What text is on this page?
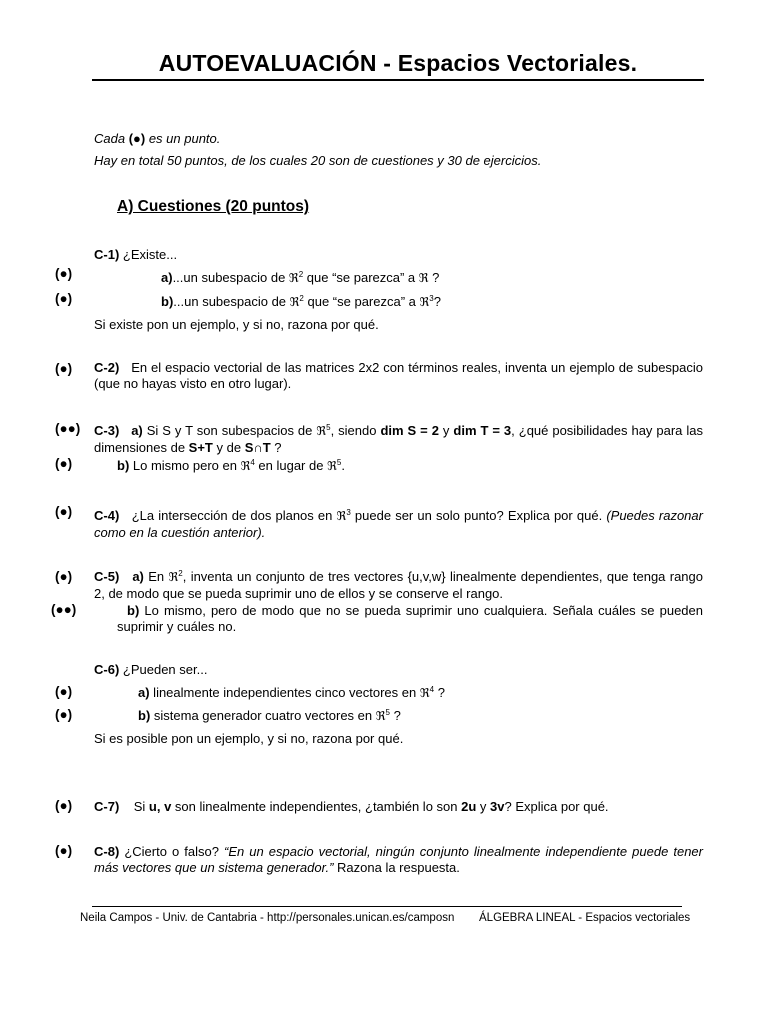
AUTOEVALUACIÓN - Espacios Vectoriales.
Cada (●) es un punto.
Hay en total 50 puntos, de los cuales 20 son de cuestiones y 30 de ejercicios.
A) Cuestiones (20 puntos)
C-1) ¿Existe...
(●)	a)...un subespacio de ℜ$^2$ que “se parezca” a ℜ ?
(●)	b)...un subespacio de ℜ$^2$ que “se parezca” a ℜ$^3$?
Si existe pon un ejemplo, y si no, razona por qué.
(●) C-2) En el espacio vectorial de las matrices 2x2 con términos reales, inventa un ejemplo de subespacio (que no hayas visto en otro lugar).
(●●) C-3) a) Si S y T son subespacios de ℜ$^5$, siendo dim S = 2 y dim T = 3, ¿qué posibilidades hay para las dimensiones de S+T y de S∩T ?
(●)	b) Lo mismo pero en ℜ$^4$ en lugar de ℜ$^5$.
(●) C-4) ¿La intersección de dos planos en ℜ$^3$ puede ser un solo punto? Explica por qué. (Puedes razonar como en la cuestión anterior).
(●) C-5) a) En ℜ$^2$, inventa un conjunto de tres vectores {u,v,w} linealmente dependientes, que tenga rango 2, de modo que se pueda suprimir uno de ellos y se conserve el rango.
(●●)	b) Lo mismo, pero de modo que no se pueda suprimir uno cualquiera. Señala cuáles se pueden suprimir y cuáles no.
C-6) ¿Pueden ser...
(●)	a) linealmente independientes cinco vectores en ℜ$^4$ ?
(●)	b) sistema generador cuatro vectores en ℜ$^5$ ?
Si es posible pon un ejemplo, y si no, razona por qué.
(●) C-7) Si u, v son linealmente independientes, ¿también lo son 2u y 3v? Explica por qué.
(●) C-8) ¿Cierto o falso? “En un espacio vectorial, ningún conjunto linealmente independiente puede tener más vectores que un sistema generador.” Razona la respuesta.
Neila Campos - Univ. de Cantabria - http://personales.unican.es/camposn ÁLGEBRA LINEAL - Espacios vectoriales
